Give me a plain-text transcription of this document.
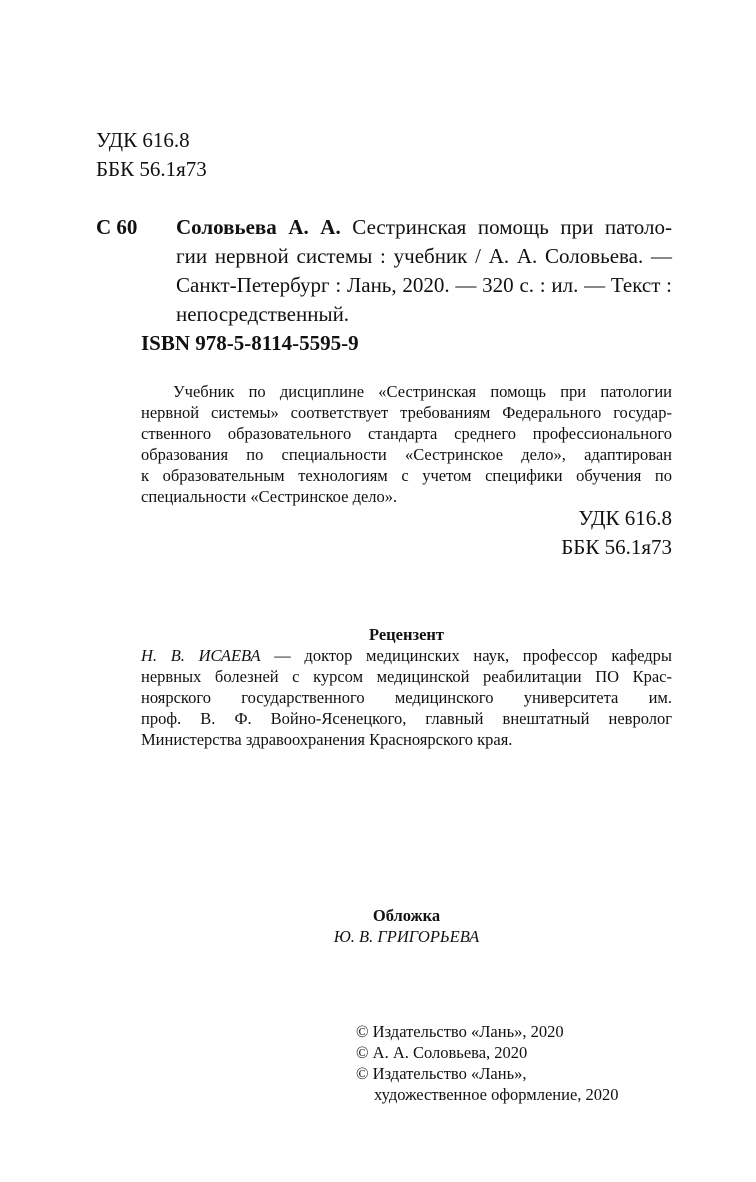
УДК 616.8
ББК 56.1я73
С 60 Соловьева А. А. Сестринская помощь при патоло-
гии нервной системы : учебник / А. А. Соловьева. —
Санкт-Петербург : Лань, 2020. — 320 с. : ил. — Текст :
непосредственный.
ISBN 978-5-8114-5595-9
Учебник по дисциплине «Сестринская помощь при патологии
нервной системы» соответствует требованиям Федерального государ-
ственного образовательного стандарта среднего профессионального
образования по специальности «Сестринское дело», адаптирован
к образовательным технологиям с учетом специфики обучения по
специальности «Сестринское дело».
УДК 616.8
ББК 56.1я73
Рецензент
Н. В. ИСАЕВА — доктор медицинских наук, профессор кафедры
нервных болезней с курсом медицинской реабилитации ПО Крас-
ноярского государственного медицинского университета им.
проф. В. Ф. Войно-Ясенецкого, главный внештатный невролог
Министерства здравоохранения Красноярского края.
Обложка
Ю. В. ГРИГОРЬЕВА
© Издательство «Лань», 2020
© А. А. Соловьева, 2020
© Издательство «Лань»,
художественное оформление, 2020
